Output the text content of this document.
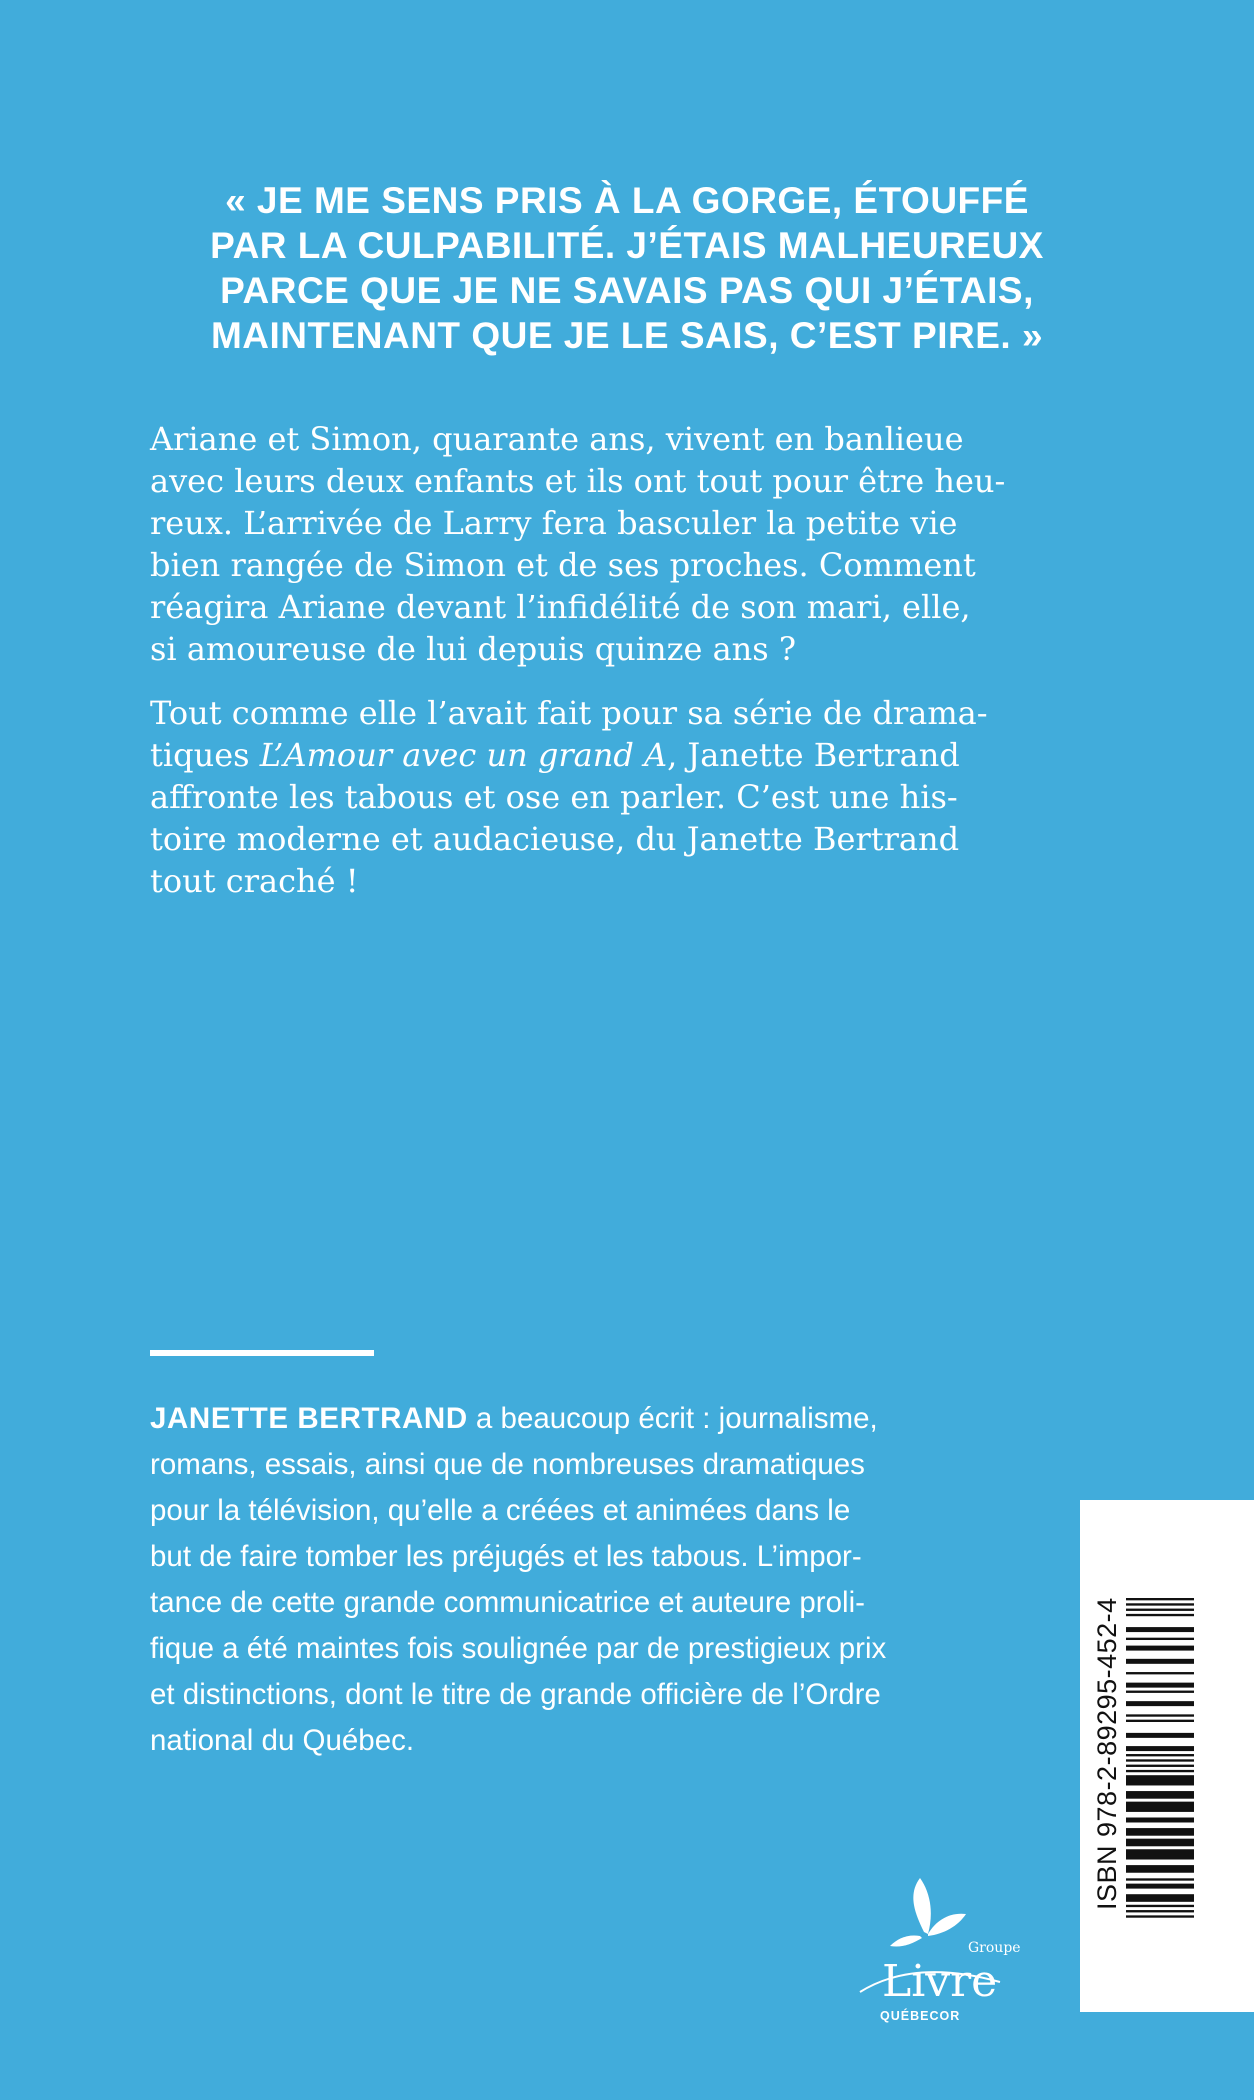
« JE ME SENS PRIS À LA GORGE, ÉTOUFFÉ
PAR LA CULPABILITÉ. J’ÉTAIS MALHEUREUX
PARCE QUE JE NE SAVAIS PAS QUI J’ÉTAIS,
MAINTENANT QUE JE LE SAIS, C’EST PIRE. »

Ariane et Simon, quarante ans, vivent en banlieue
avec leurs deux enfants et ils ont tout pour être heu-
reux. L’arrivée de Larry fera basculer la petite vie
bien rangée de Simon et de ses proches. Comment
réagira Ariane devant l’infidélité de son mari, elle,
si amoureuse de lui depuis quinze ans ?

Tout comme elle l’avait fait pour sa série de drama-
tiques L’Amour avec un grand A, Janette Bertrand
affronte les tabous et ose en parler. C’est une his-
toire moderne et audacieuse, du Janette Bertrand
tout craché !

JANETTE BERTRAND a beaucoup écrit : journalisme,
romans, essais, ainsi que de nombreuses dramatiques
pour la télévision, qu’elle a créées et animées dans le
but de faire tomber les préjugés et les tabous. L’impor-
tance de cette grande communicatrice et auteure proli-
fique a été maintes fois soulignée par de prestigieux prix
et distinctions, dont le titre de grande officière de l’Ordre
national du Québec.	ISBN 978-2-89295-452-4
Groupe
Livre
QUÉBECOR
